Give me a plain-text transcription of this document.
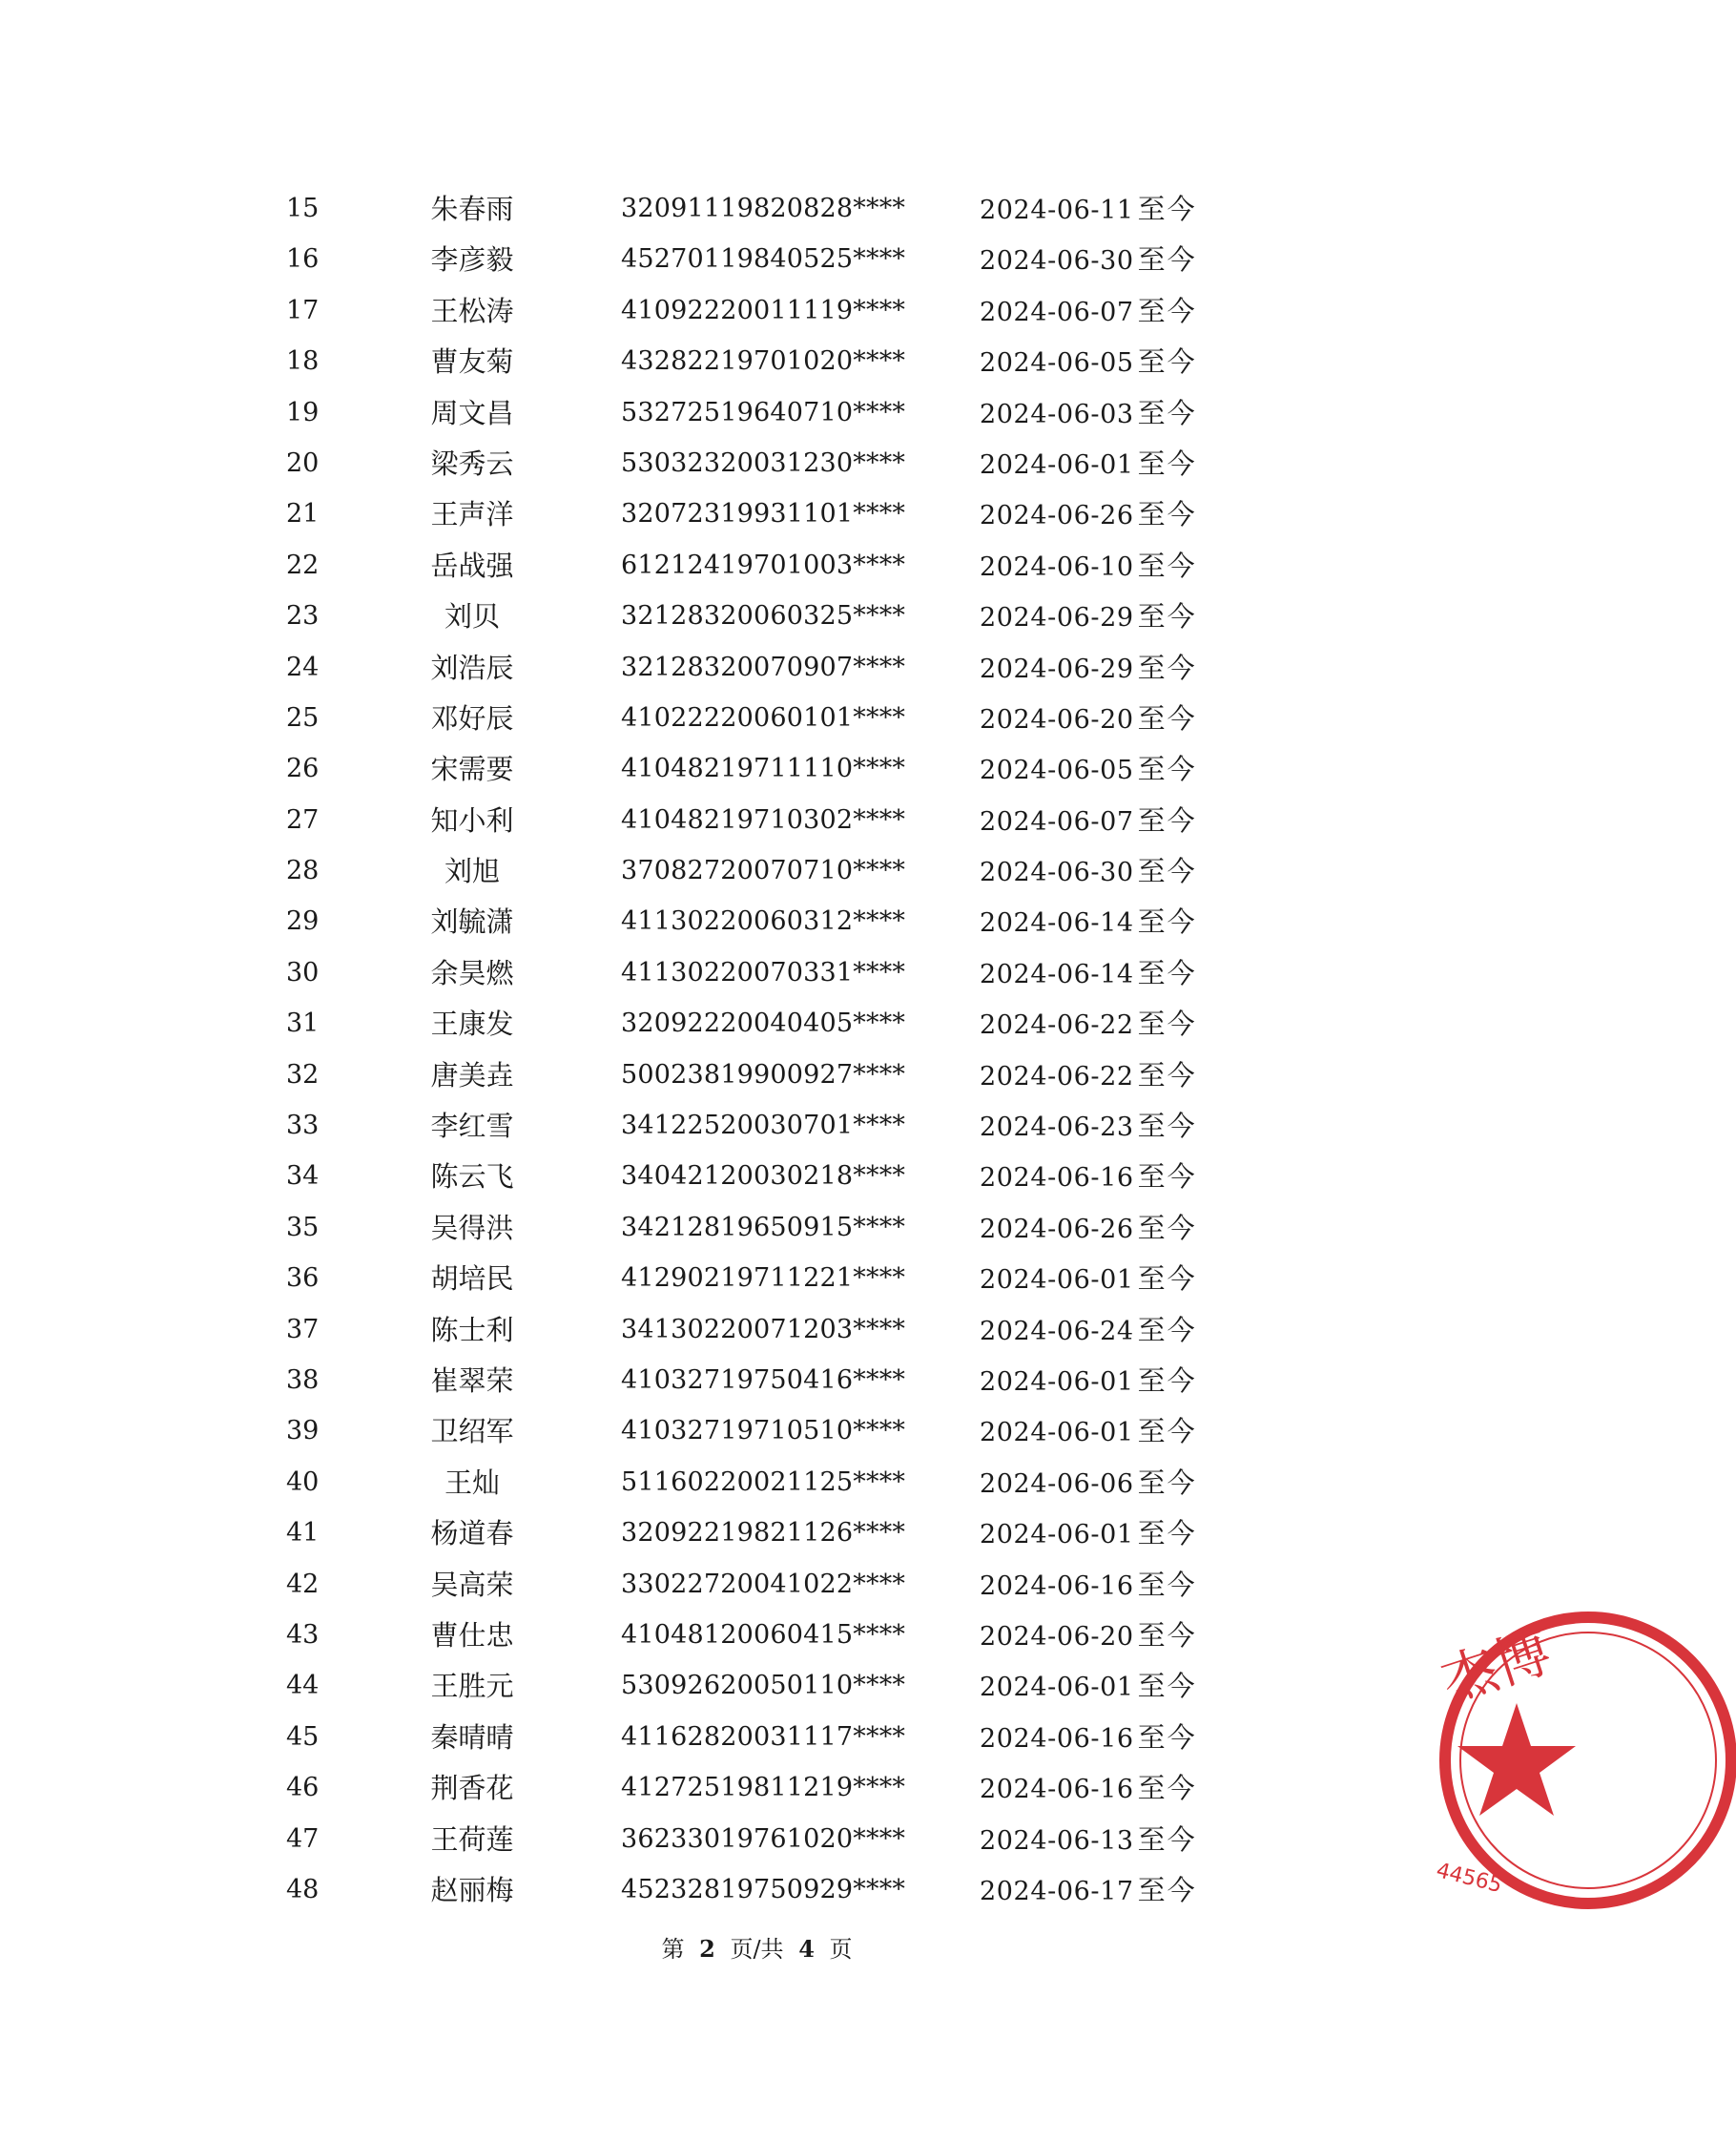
15	朱春雨	32091119820828****	2024-06-11 至今
16	李彦毅	45270119840525****	2024-06-30 至今
17	王松涛	41092220011119****	2024-06-07 至今
18	曹友菊	43282219701020****	2024-06-05 至今
19	周文昌	53272519640710****	2024-06-03 至今
20	梁秀云	53032320031230****	2024-06-01 至今
21	王声洋	32072319931101****	2024-06-26 至今
22	岳战强	61212419701003****	2024-06-10 至今
23	刘贝	32128320060325****	2024-06-29 至今
24	刘浩辰	32128320070907****	2024-06-29 至今
25	邓好辰	41022220060101****	2024-06-20 至今
26	宋需要	41048219711110****	2024-06-05 至今
27	知小利	41048219710302****	2024-06-07 至今
28	刘旭	37082720070710****	2024-06-30 至今
29	刘毓潇	41130220060312****	2024-06-14 至今
30	余昊燃	41130220070331****	2024-06-14 至今
31	王康发	32092220040405****	2024-06-22 至今
32	唐美垚	50023819900927****	2024-06-22 至今
33	李红雪	34122520030701****	2024-06-23 至今
34	陈云飞	34042120030218****	2024-06-16 至今
35	吴得洪	34212819650915****	2024-06-26 至今
36	胡培民	41290219711221****	2024-06-01 至今
37	陈士利	34130220071203****	2024-06-24 至今
38	崔翠荣	41032719750416****	2024-06-01 至今
39	卫绍军	41032719710510****	2024-06-01 至今
40	王灿	51160220021125****	2024-06-06 至今
41	杨道春	32092219821126****	2024-06-01 至今
42	吴高荣	33022720041022****	2024-06-16 至今
43	曹仕忠	41048120060415****	2024-06-20 至今
44	王胜元	53092620050110****	2024-06-01 至今
45	秦晴晴	41162820031117****	2024-06-16 至今
46	荆香花	41272519811219****	2024-06-16 至今
47	王荷莲	36233019761020****	2024-06-13 至今
48	赵丽梅	45232819750929****	2024-06-17 至今
第 2 页/共 4 页
杰博
44565
